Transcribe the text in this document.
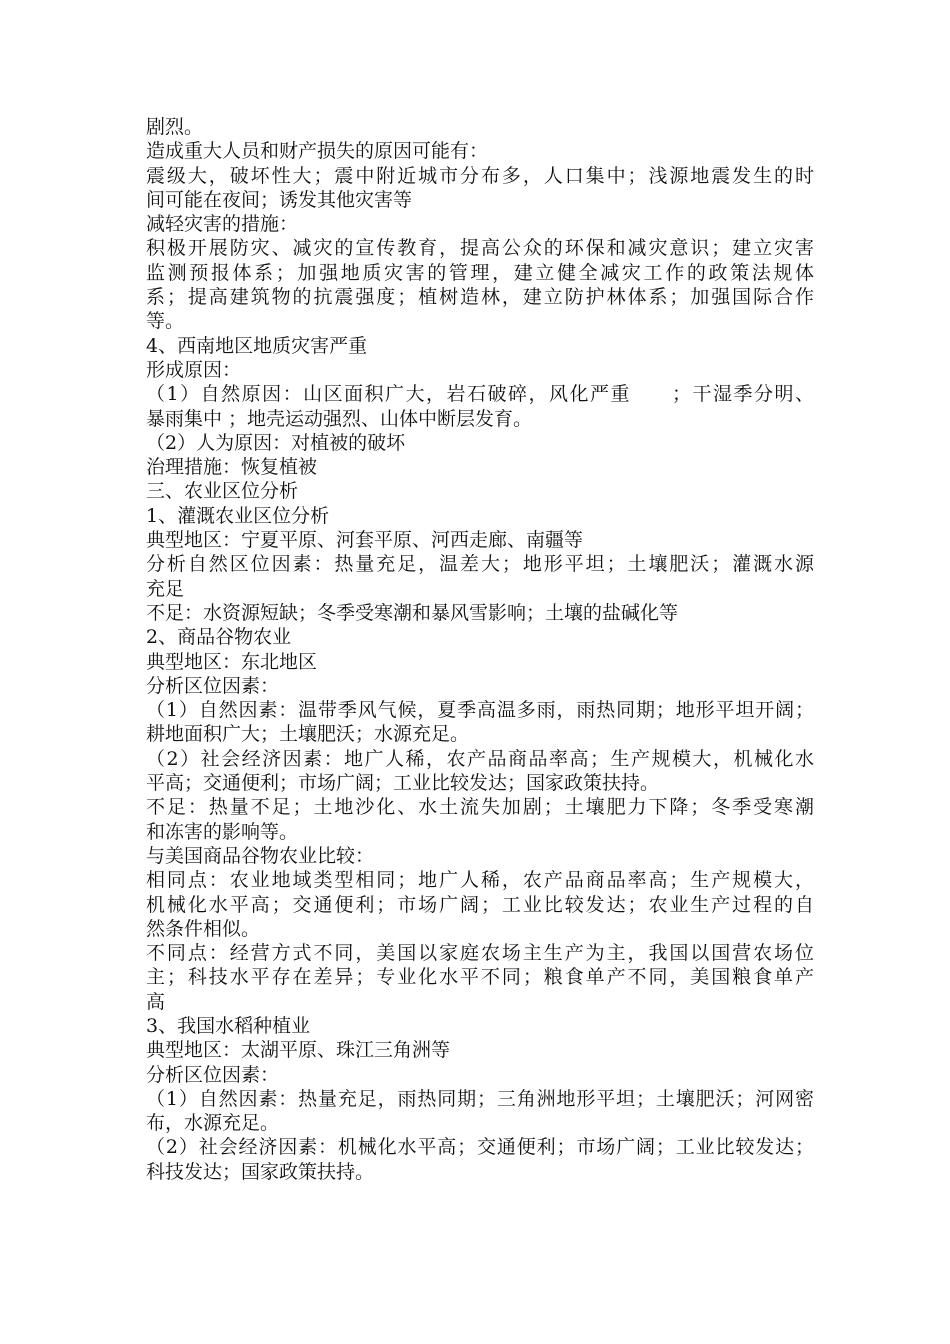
剧烈。
造成重大人员和财产损失的原因可能有：
震级大，破坏性大；震中附近城市分布多，人口集中；浅源地震发生的时
间可能在夜间；诱发其他灾害等
减轻灾害的措施：
积极开展防灾、减灾的宣传教育，提高公众的环保和减灾意识；建立灾害
监测预报体系；加强地质灾害的管理，建立健全减灾工作的政策法规体
系；提高建筑物的抗震强度；植树造林，建立防护林体系；加强国际合作
等。
4、西南地区地质灾害严重
形成原因：
（1）自然原因：山区面积广大，岩石破碎，风化严重　　；干湿季分明、
暴雨集中 ；地壳运动强烈、山体中断层发育。
（2）人为原因：对植被的破坏
治理措施：恢复植被
三、农业区位分析
1、灌溉农业区位分析
典型地区：宁夏平原、河套平原、河西走廊、南疆等
分析自然区位因素：热量充足，温差大；地形平坦；土壤肥沃；灌溉水源
充足
不足：水资源短缺；冬季受寒潮和暴风雪影响；土壤的盐碱化等
2、商品谷物农业
典型地区：东北地区
分析区位因素：
（1）自然因素：温带季风气候，夏季高温多雨，雨热同期；地形平坦开阔；
耕地面积广大；土壤肥沃；水源充足。
（2）社会经济因素：地广人稀，农产品商品率高；生产规模大，机械化水
平高；交通便利；市场广阔；工业比较发达；国家政策扶持。
不足：热量不足；土地沙化、水土流失加剧；土壤肥力下降；冬季受寒潮
和冻害的影响等。
与美国商品谷物农业比较：
相同点：农业地域类型相同；地广人稀，农产品商品率高；生产规模大，
机械化水平高；交通便利；市场广阔；工业比较发达；农业生产过程的自
然条件相似。
不同点：经营方式不同，美国以家庭农场主生产为主，我国以国营农场位
主；科技水平存在差异；专业化水平不同；粮食单产不同，美国粮食单产
高
3、我国水稻种植业
典型地区：太湖平原、珠江三角洲等
分析区位因素：
（1）自然因素：热量充足，雨热同期；三角洲地形平坦；土壤肥沃；河网密
布，水源充足。
（2）社会经济因素：机械化水平高；交通便利；市场广阔；工业比较发达；
科技发达；国家政策扶持。
